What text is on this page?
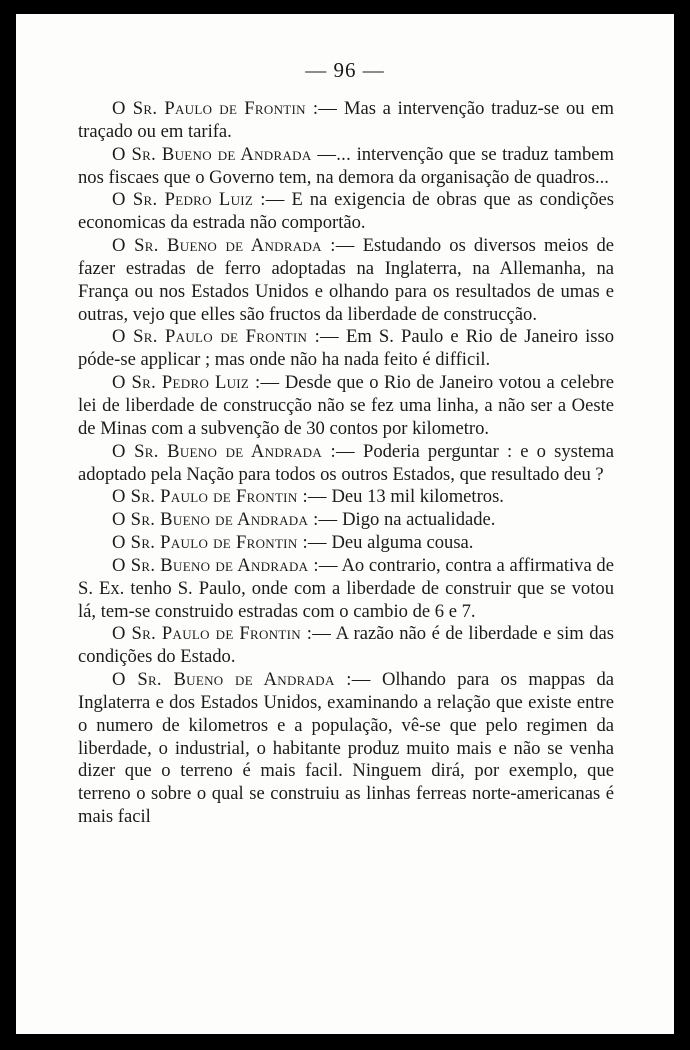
— 96 —

O Sr. Paulo de Frontin :— Mas a intervenção traduz-se ou em traçado ou em tarifa.

O Sr. Bueno de Andrada —... intervenção que se traduz tambem nos fiscaes que o Governo tem, na demora da organisação de quadros...

O Sr. Pedro Luiz :— E na exigencia de obras que as condições economicas da estrada não comportão.

O Sr. Bueno de Andrada :— Estudando os diversos meios de fazer estradas de ferro adoptadas na Inglaterra, na Allemanha, na França ou nos Estados Unidos e olhando para os resultados de umas e outras, vejo que elles são fructos da liberdade de construcção.

O Sr. Paulo de Frontin :— Em S. Paulo e Rio de Janeiro isso póde-se applicar ; mas onde não ha nada feito é difficil.

O Sr. Pedro Luiz :— Desde que o Rio de Janeiro votou a celebre lei de liberdade de construcção não se fez uma linha, a não ser a Oeste de Minas com a subvenção de 30 contos por kilometro.

O Sr. Bueno de Andrada :— Poderia perguntar : e o systema adoptado pela Nação para todos os outros Estados, que resultado deu ?

O Sr. Paulo de Frontin :— Deu 13 mil kilometros.

O Sr. Bueno de Andrada :— Digo na actualidade.

O Sr. Paulo de Frontin :— Deu alguma cousa.

O Sr. Bueno de Andrada :— Ao contrario, contra a affirmativa de S. Ex. tenho S. Paulo, onde com a liberdade de construir que se votou lá, tem-se construido estradas com o cambio de 6 e 7.

O Sr. Paulo de Frontin :— A razão não é de liberdade e sim das condições do Estado.

O Sr. Bueno de Andrada :— Olhando para os mappas da Inglaterra e dos Estados Unidos, examinando a relação que existe entre o numero de kilometros e a população, vê-se que pelo regimen da liberdade, o industrial, o habitante produz muito mais e não se venha dizer que o terreno é mais facil. Ninguem dirá, por exemplo, que terreno o sobre o qual se construiu as linhas ferreas norte-americanas é mais facil
